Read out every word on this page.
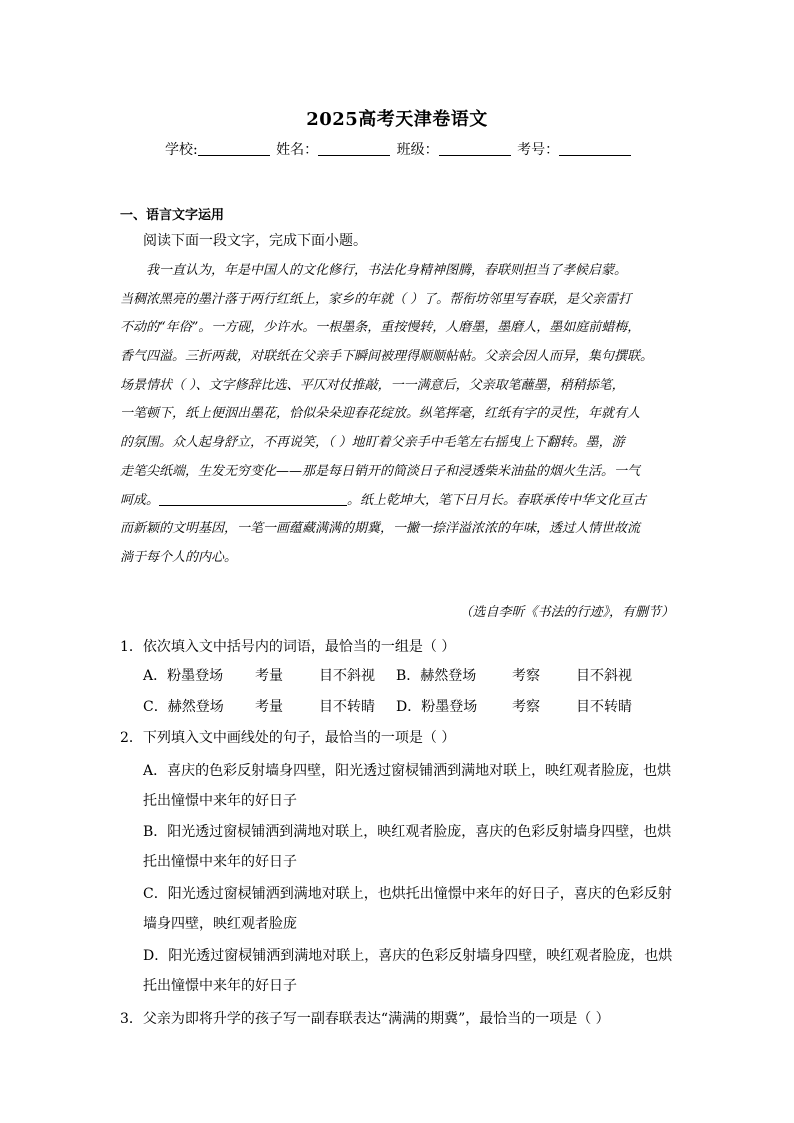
2025高考天津卷语文
学校:	姓名：	班级：	考号：
一、语言文字运用
阅读下面一段文字，完成下面小题。
我一直认为，年是中国人的文化修行，书法化身精神图腾，春联则担当了孝候启蒙。
当稠浓黑亮的墨汁落于两行红纸上，家乡的年就（ ）了。帮衔坊邻里写春联，是父亲雷打
不动的“年俗”。一方砚，少许水。一根墨条，重按慢转，人磨墨，墨磨人，墨如庭前蜡梅，
香气四溢。三折两裁，对联纸在父亲手下瞬间被理得顺顺帖帖。父亲会因人而异，集句撰联。
场景情状（ ）、文字修辞比选、平仄对仗推敲，一一满意后，父亲取笔蘸墨，稍稍掭笔，
一笔顿下，纸上便洇出墨花，恰似朵朵迎春花绽放。纵笔挥毫，红纸有字的灵性，年就有人
的氛围。众人起身舒立，不再说笑，（ ）地盯着父亲手中毛笔左右摇曳上下翻转。墨，游
走笔尖纸端，生发无穷变化——那是每日销开的简淡日子和浸透柴米油盐的烟火生活。一气
呵成。	。纸上乾坤大，笔下日月长。春联承传中华文化亘古
而新颖的文明基因，一笔一画蕴藏满满的期冀，一撇一捺洋溢浓浓的年味，透过人情世故流
淌于每个人的内心。
（选自李昕《书法的行迹》，有删节）
1．依次填入文中括号内的词语，最恰当的一组是（ ）
A．粉墨登场 考量	目不斜视 B．赫然登场	考察	目不斜视
C．赫然登场 考量	目不转睛 D．粉墨登场 考察	目不转睛
2．下列填入文中画线处的句子，最恰当的一项是（ ）
A．喜庆的色彩反射墙身四壁，阳光透过窗棂铺洒到满地对联上，映红观者脸庞，也烘
托出憧憬中来年的好日子
B．阳光透过窗棂铺洒到满地对联上，映红观者脸庞，喜庆的色彩反射墙身四壁，也烘
托出憧憬中来年的好日子
C．阳光透过窗棂铺洒到满地对联上，也烘托出憧憬中来年的好日子，喜庆的色彩反射
墙身四壁，映红观者脸庞
D．阳光透过窗棂铺洒到满地对联上，喜庆的色彩反射墙身四壁，映红观者脸庞，也烘
托出憧憬中来年的好日子
3．父亲为即将升学的孩子写一副春联表达“满满的期冀”，最恰当的一项是（ ）
